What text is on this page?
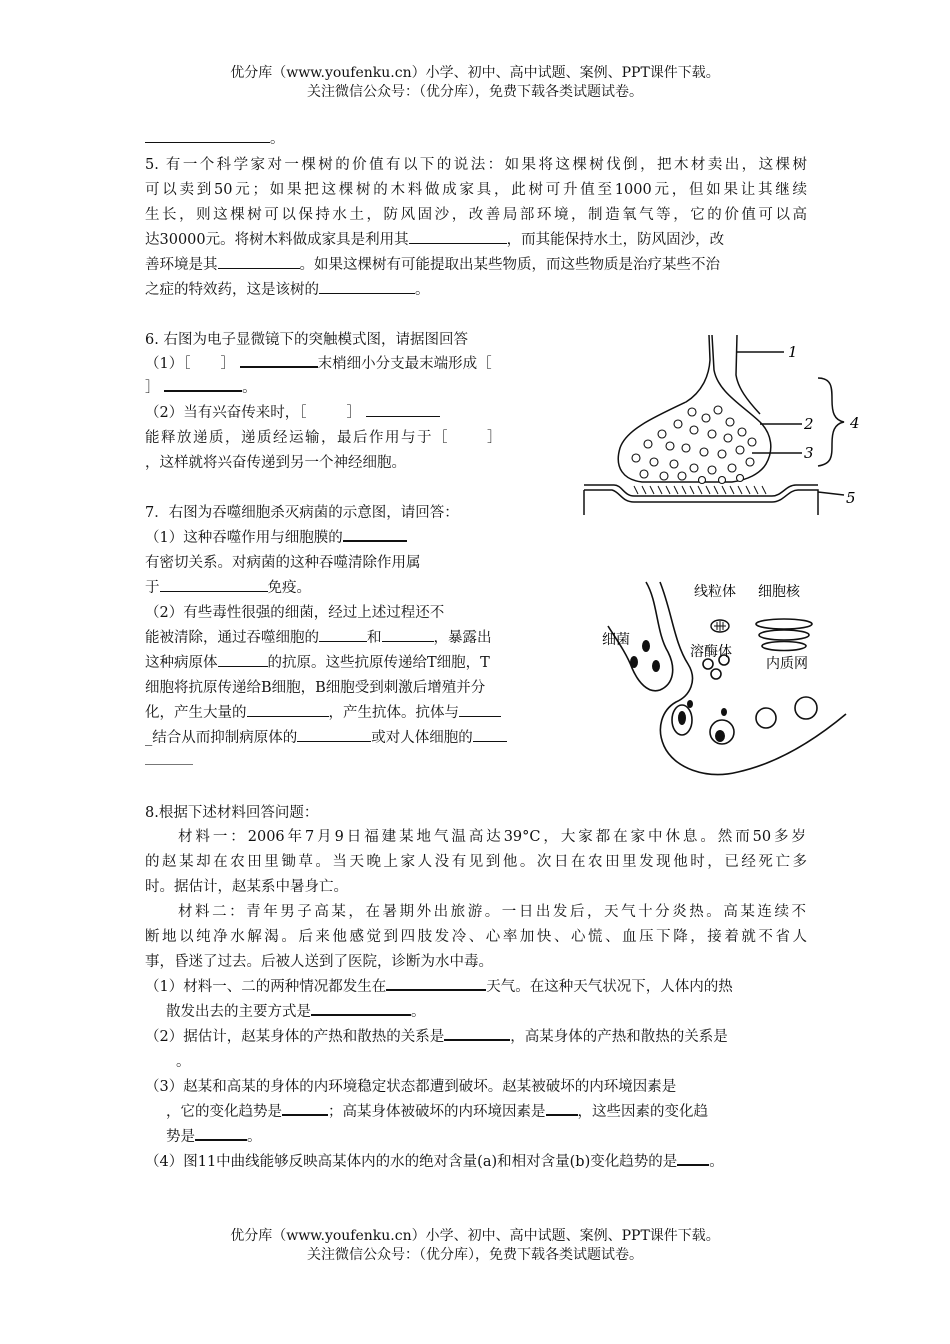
优分库（www.youfenku.cn）小学、初中、高中试题、案例、PPT课件下载。
关注微信公众号：（优分库），免费下载各类试题试卷。
。
5. 有一个科学家对一棵树的价值有以下的说法：如果将这棵树伐倒，把木材卖出，这棵树
可以卖到50元；如果把这棵树的木料做成家具，此树可升值至1000元，但如果让其继续
生长，则这棵树可以保持水土，防风固沙，改善局部环境，制造氧气等，它的价值可以高
达30000元。将树木料做成家具是利用其	，而其能保持水土，防风固沙，改
善环境是其	。如果这棵树有可能提取出某些物质，而这些物质是治疗某些不治
之症的特效药，这是该树的	。
6. 右图为电子显微镜下的突触模式图，请据图回答
（1）［ ］	末梢细小分支最末端形成［
］	。
（2）当有兴奋传来时，［	］
能释放递质，递质经运输，最后作用与于［	］
，这样就将兴奋传递到另一个神经细胞。
1
2
3
4
5
7．右图为吞噬细胞杀灭病菌的示意图，请回答：
（1）这种吞噬作用与细胞膜的
有密切关系。对病菌的这种吞噬清除作用属
于	免疫。
（2）有些毒性很强的细菌，经过上述过程还不
能被清除，通过吞噬细胞的	和	，暴露出
这种病原体	的抗原。这些抗原传递给T细胞，T
细胞将抗原传递给B细胞，B细胞受到刺激后增殖并分
化，产生大量的	，产生抗体。抗体与
_结合从而抑制病原体的	或对人体细胞的
线粒体 细胞核
细菌
溶酶体
内质网
8.根据下述材料回答问题：
材料一：2006年7月9日福建某地气温高达39°C，大家都在家中休息。然而50多岁
的赵某却在农田里锄草。当天晚上家人没有见到他。次日在农田里发现他时，已经死亡多
时。据估计，赵某系中暑身亡。
材料二：青年男子高某，在暑期外出旅游。一日出发后，天气十分炎热。高某连续不
断地以纯净水解渴。后来他感觉到四肢发冷、心率加快、心慌、血压下降，接着就不省人
事，昏迷了过去。后被人送到了医院，诊断为水中毒。
（1）材料一、二的两种情况都发生在	天气。在这种天气状况下，人体内的热
散发出去的主要方式是	。
（2）据估计，赵某身体的产热和散热的关系是	，高某身体的产热和散热的关系是
。
（3）赵某和高某的身体的内环境稳定状态都遭到破坏。赵某被破坏的内环境因素是
，它的变化趋势是	；高某身体被破坏的内环境因素是 ，这些因素的变化趋
势是	。
（4）图11中曲线能够反映高某体内的水的绝对含量(a)和相对含量(b)变化趋势的是 。
优分库（www.youfenku.cn）小学、初中、高中试题、案例、PPT课件下载。
关注微信公众号：（优分库），免费下载各类试题试卷。
